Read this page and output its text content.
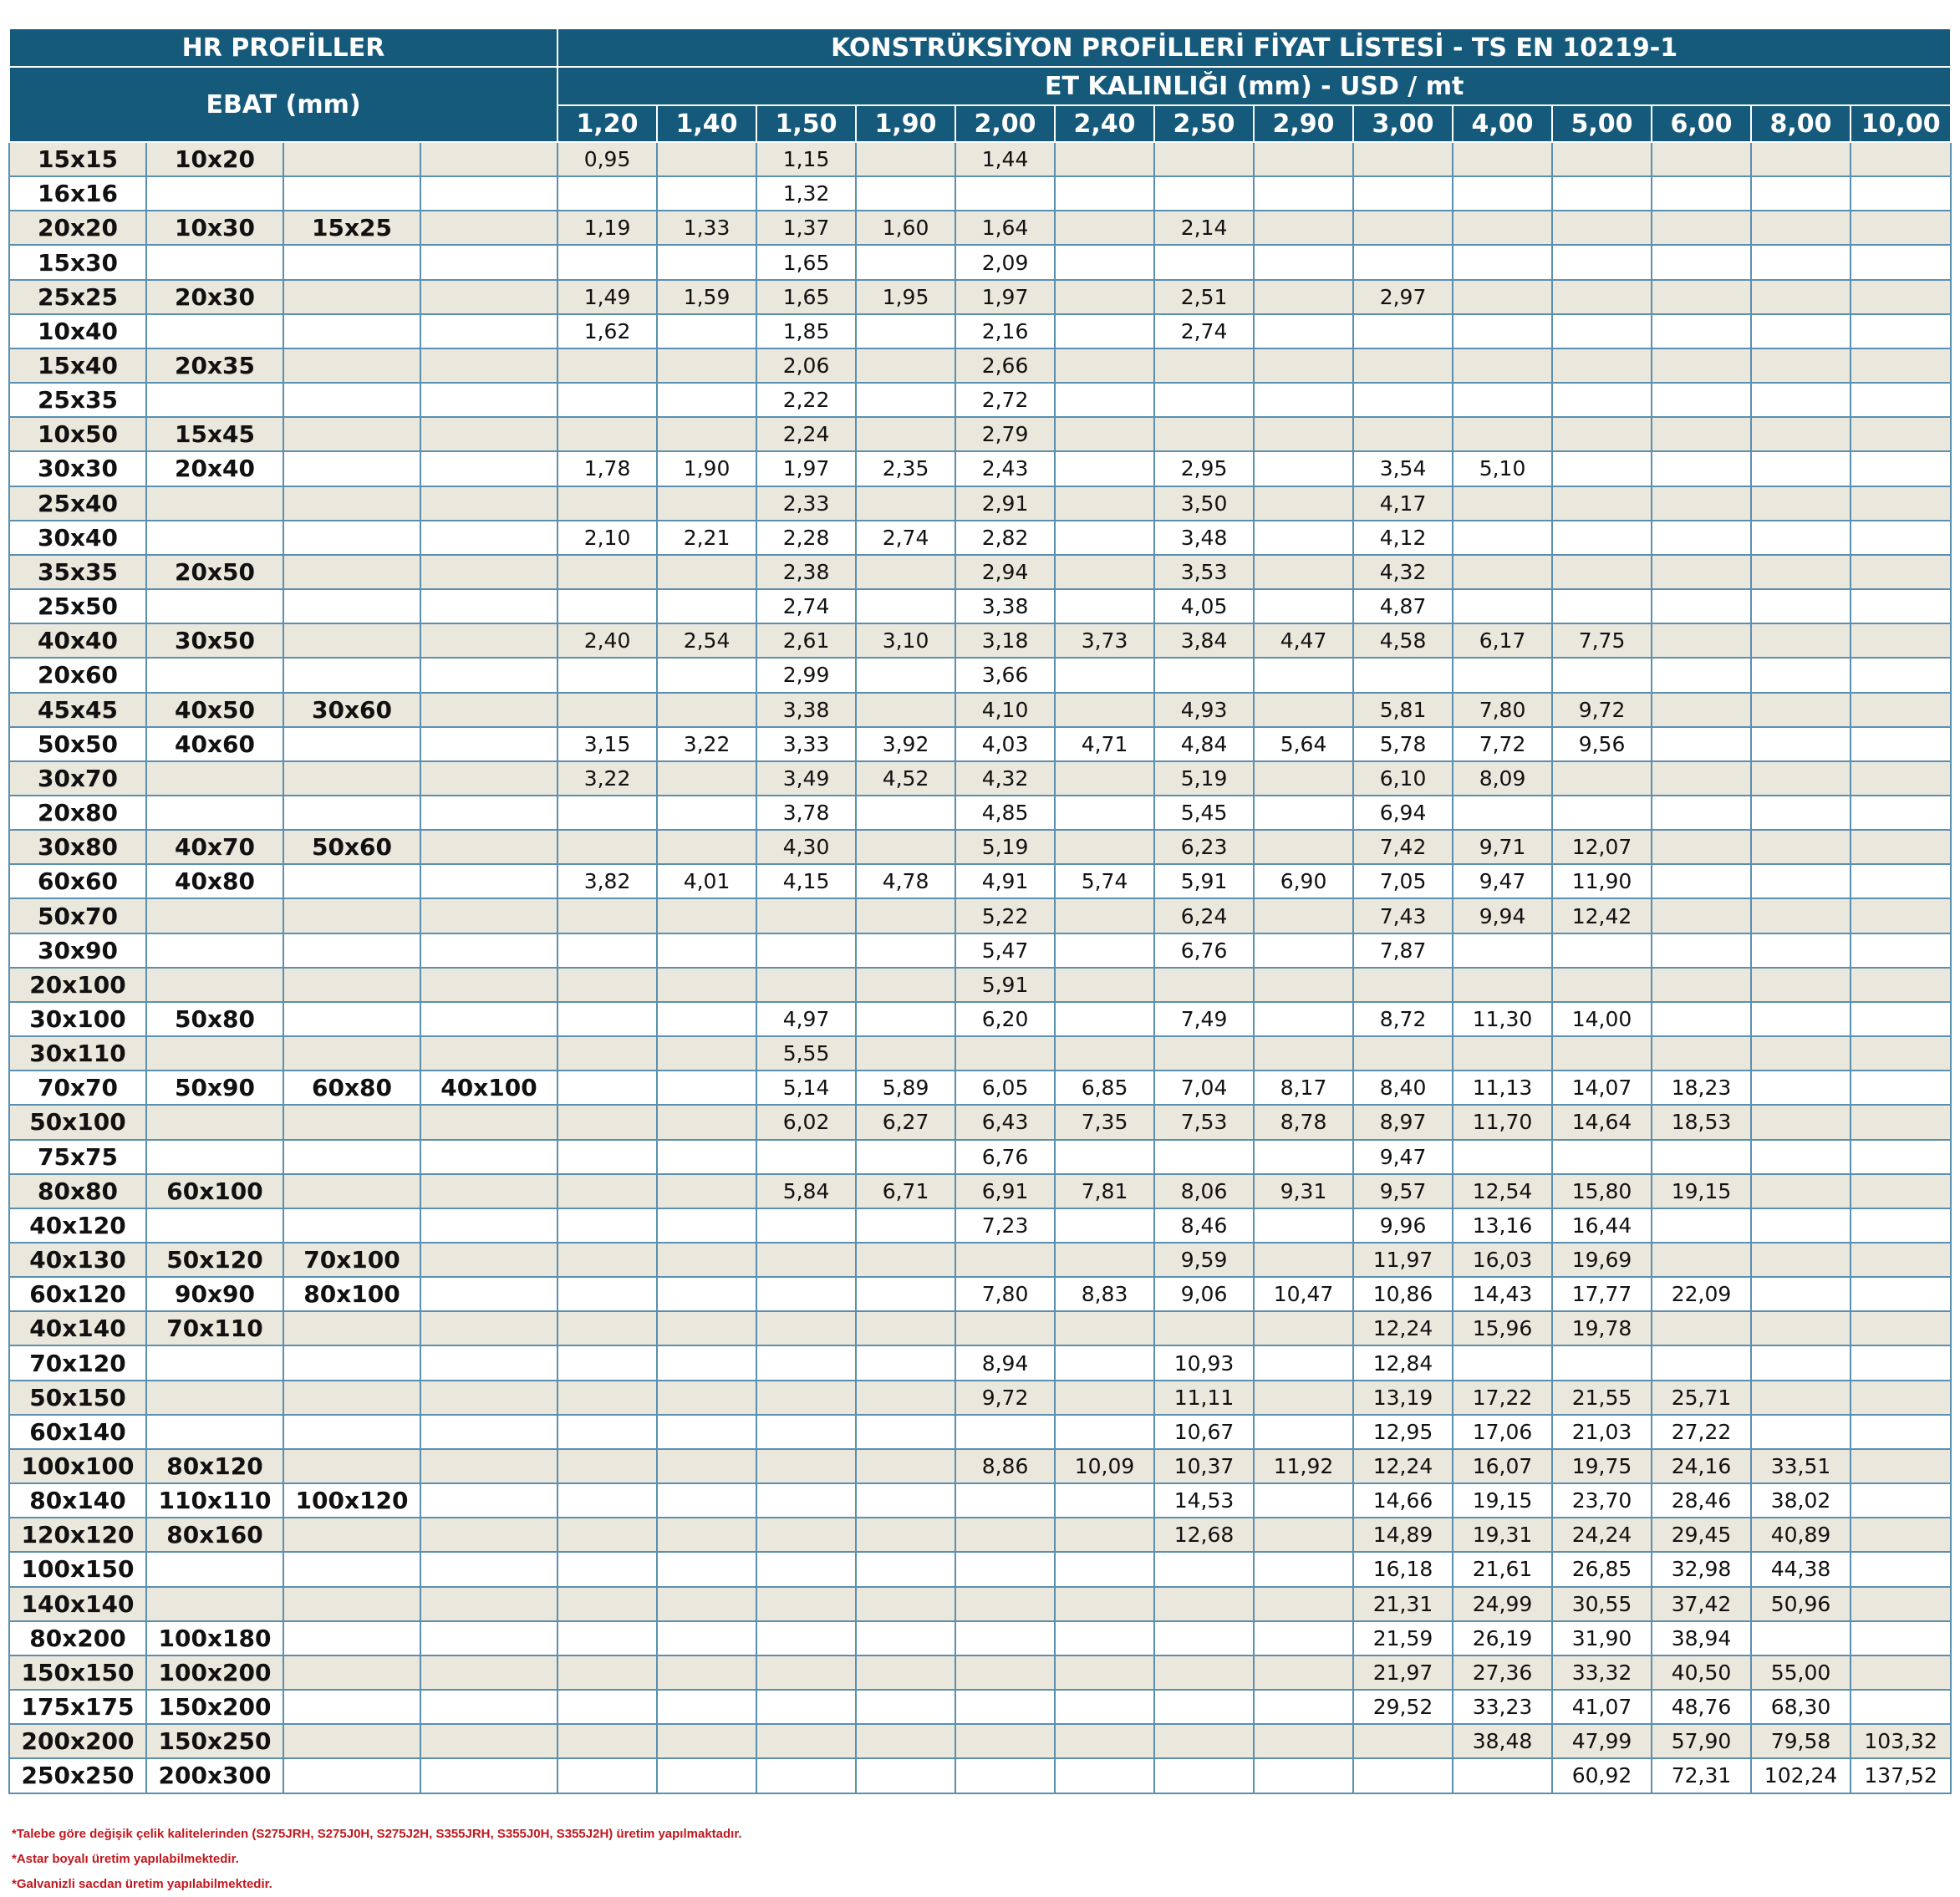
HR PROFİLLER				KONSTRÜKSİYON PROFİLLERİ FİYAT LİSTESİ - TS EN 10219-1													
EBAT (mm)				ET KALINLIĞI (mm) - USD / mt													
				1,20	1,40	1,50	1,90	2,00	2,40	2,50	2,90	3,00	4,00	5,00	6,00	8,00	10,00
15x15	10x20			0,95		1,15		1,44									
16x16						1,32											
20x20	10x30	15x25		1,19	1,33	1,37	1,60	1,64		2,14							
15x30						1,65		2,09									
25x25	20x30			1,49	1,59	1,65	1,95	1,97		2,51		2,97					
10x40				1,62		1,85		2,16		2,74							
15x40	20x35					2,06		2,66									
25x35						2,22		2,72									
10x50	15x45					2,24		2,79									
30x30	20x40			1,78	1,90	1,97	2,35	2,43		2,95		3,54	5,10				
25x40						2,33		2,91		3,50		4,17					
30x40				2,10	2,21	2,28	2,74	2,82		3,48		4,12					
35x35	20x50					2,38		2,94		3,53		4,32					
25x50						2,74		3,38		4,05		4,87					
40x40	30x50			2,40	2,54	2,61	3,10	3,18	3,73	3,84	4,47	4,58	6,17	7,75			
20x60						2,99		3,66									
45x45	40x50	30x60				3,38		4,10		4,93		5,81	7,80	9,72			
50x50	40x60			3,15	3,22	3,33	3,92	4,03	4,71	4,84	5,64	5,78	7,72	9,56			
30x70				3,22		3,49	4,52	4,32		5,19		6,10	8,09				
20x80						3,78		4,85		5,45		6,94					
30x80	40x70	50x60				4,30		5,19		6,23		7,42	9,71	12,07			
60x60	40x80			3,82	4,01	4,15	4,78	4,91	5,74	5,91	6,90	7,05	9,47	11,90			
50x70								5,22		6,24		7,43	9,94	12,42			
30x90								5,47		6,76		7,87					
20x100								5,91									
30x100	50x80					4,97		6,20		7,49		8,72	11,30	14,00			
30x110						5,55											
70x70	50x90	60x80	40x100			5,14	5,89	6,05	6,85	7,04	8,17	8,40	11,13	14,07	18,23		
50x100						6,02	6,27	6,43	7,35	7,53	8,78	8,97	11,70	14,64	18,53		
75x75								6,76				9,47					
80x80	60x100					5,84	6,71	6,91	7,81	8,06	9,31	9,57	12,54	15,80	19,15		
40x120								7,23		8,46		9,96	13,16	16,44			
40x130	50x120	70x100								9,59		11,97	16,03	19,69			
60x120	90x90	80x100						7,80	8,83	9,06	10,47	10,86	14,43	17,77	22,09		
40x140	70x110											12,24	15,96	19,78			
70x120								8,94		10,93		12,84					
50x150								9,72		11,11		13,19	17,22	21,55	25,71		
60x140										10,67		12,95	17,06	21,03	27,22		
100x100	80x120							8,86	10,09	10,37	11,92	12,24	16,07	19,75	24,16	33,51	
80x140	110x110	100x120								14,53		14,66	19,15	23,70	28,46	38,02	
120x120	80x160									12,68		14,89	19,31	24,24	29,45	40,89	
100x150												16,18	21,61	26,85	32,98	44,38	
140x140												21,31	24,99	30,55	37,42	50,96	
80x200	100x180											21,59	26,19	31,90	38,94		
150x150	100x200											21,97	27,36	33,32	40,50	55,00	
175x175	150x200											29,52	33,23	41,07	48,76	68,30	
200x200	150x250												38,48	47,99	57,90	79,58	103,32
250x250	200x300													60,92	72,31	102,24	137,52
*Talebe göre değişik çelik kalitelerinden (S275JRH, S275J0H, S275J2H, S355JRH, S355J0H, S355J2H) üretim yapılmaktadır.
*Astar boyalı üretim yapılabilmektedir.
*Galvanizli sacdan üretim yapılabilmektedir.
